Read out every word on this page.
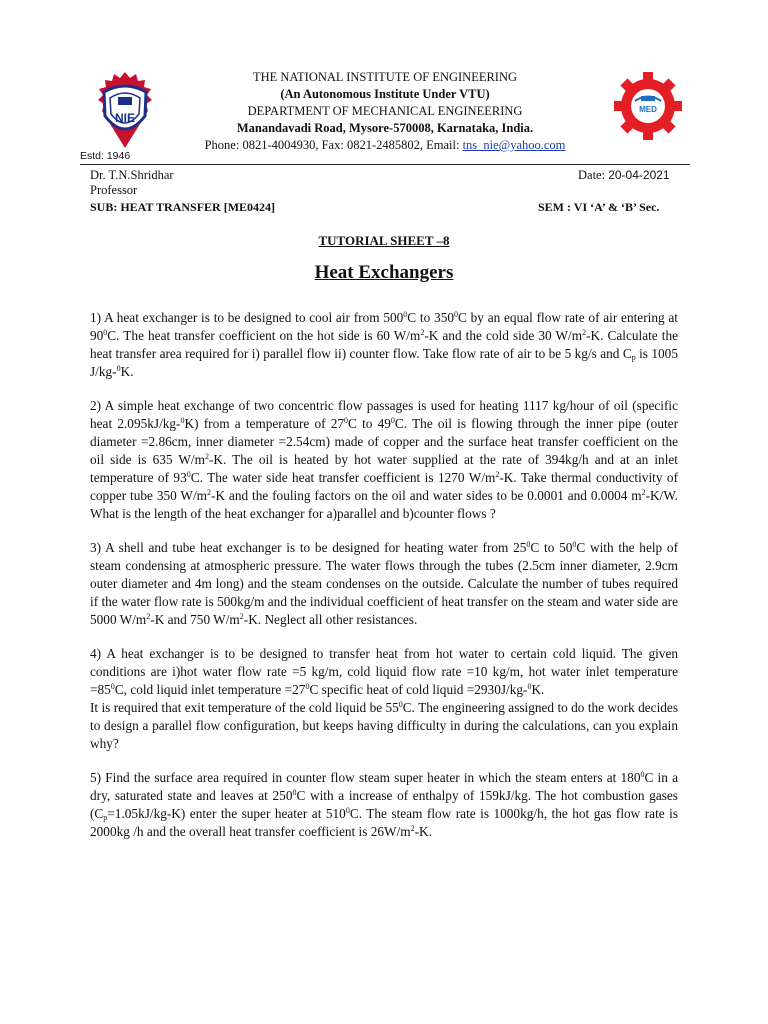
NIE
MED
THE NATIONAL INSTITUTE OF ENGINEERING
(An Autonomous Institute Under VTU)
DEPARTMENT OF MECHANICAL ENGINEERING
Manandavadi Road, Mysore-570008, Karnataka, India.
Phone: 0821-4004930, Fax: 0821-2485802, Email: tns_nie@yahoo.com
Estd: 1946
Dr. T.N.Shridhar
Professor
Date: 20-04-2021
SUB: HEAT TRANSFER [ME0424]	SEM : VI ‘A’ & ‘B’ Sec.
TUTORIAL SHEET –8
Heat Exchangers

1) A heat exchanger is to be designed to cool air from $500^0C$ to $350^0C$ by an equal flow rate of air entering at $90^0C$. The heat transfer coefficient on the hot side is 60 $W/m^2-K$ and the cold side 30 $W/m^2-K$. Calculate the heat transfer area required for i) parallel flow ii) counter flow. Take flow rate of air to be 5 kg/s and $C_p$ is 1005 J/kg-$^0$K.

2) A simple heat exchange of two concentric flow passages is used for heating 1117 kg/hour of oil (specific heat 2.095kJ/kg-$^0$K) from a temperature of $27^0C$ to $49^0C$. The oil is flowing through the inner pipe (outer diameter =2.86cm, inner diameter =2.54cm) made of copper and the surface heat transfer coefficient on the oil side is 635 $W/m^2-K$. The oil is heated by hot water supplied at the rate of 394kg/h and at an inlet temperature of $93^0C$. The water side heat transfer coefficient is 1270 $W/m^2-K$. Take thermal conductivity of copper tube 350 $W/m^2-K$ and the fouling factors on the oil and water sides to be 0.0001 and 0.0004 $m^2-K/W$. What is the length of the heat exchanger for a)parallel and b)counter flows ?

3) A shell and tube heat exchanger is to be designed for heating water from $25^0C$ to $50^0C$ with the help of steam condensing at atmospheric pressure. The water flows through the tubes (2.5cm inner diameter, 2.9cm outer diameter and 4m long) and the steam condenses on the outside. Calculate the number of tubes required if the water flow rate is 500kg/m and the individual coefficient of heat transfer on the steam and water side are 5000 $W/m^2-K$ and 750 $W/m^2-K$. Neglect all other resistances.

4) A heat exchanger is to be designed to transfer heat from hot water to certain cold liquid. The given conditions are i)hot water flow rate =5 kg/m, cold liquid flow rate =10 kg/m, hot water inlet temperature $=85^0C$, cold liquid inlet temperature $=27^0C$ specific heat of cold liquid =2930J/kg-$^0$K.
It is required that exit temperature of the cold liquid be $55^0C$. The engineering assigned to do the work decides to design a parallel flow configuration, but keeps having difficulty in during the calculations, can you explain why?

5) Find the surface area required in counter flow steam super heater in which the steam enters at $180^0C$ in a dry, saturated state and leaves at $250^0C$ with a increase of enthalpy of 159kJ/kg. The hot combustion gases $(C_p=1.05kJ/kg-K)$ enter the super heater at $510^0C$. The steam flow rate is 1000kg/h, the hot gas flow rate is 2000kg /h and the overall heat transfer coefficient is $26W/m^2-K$.
